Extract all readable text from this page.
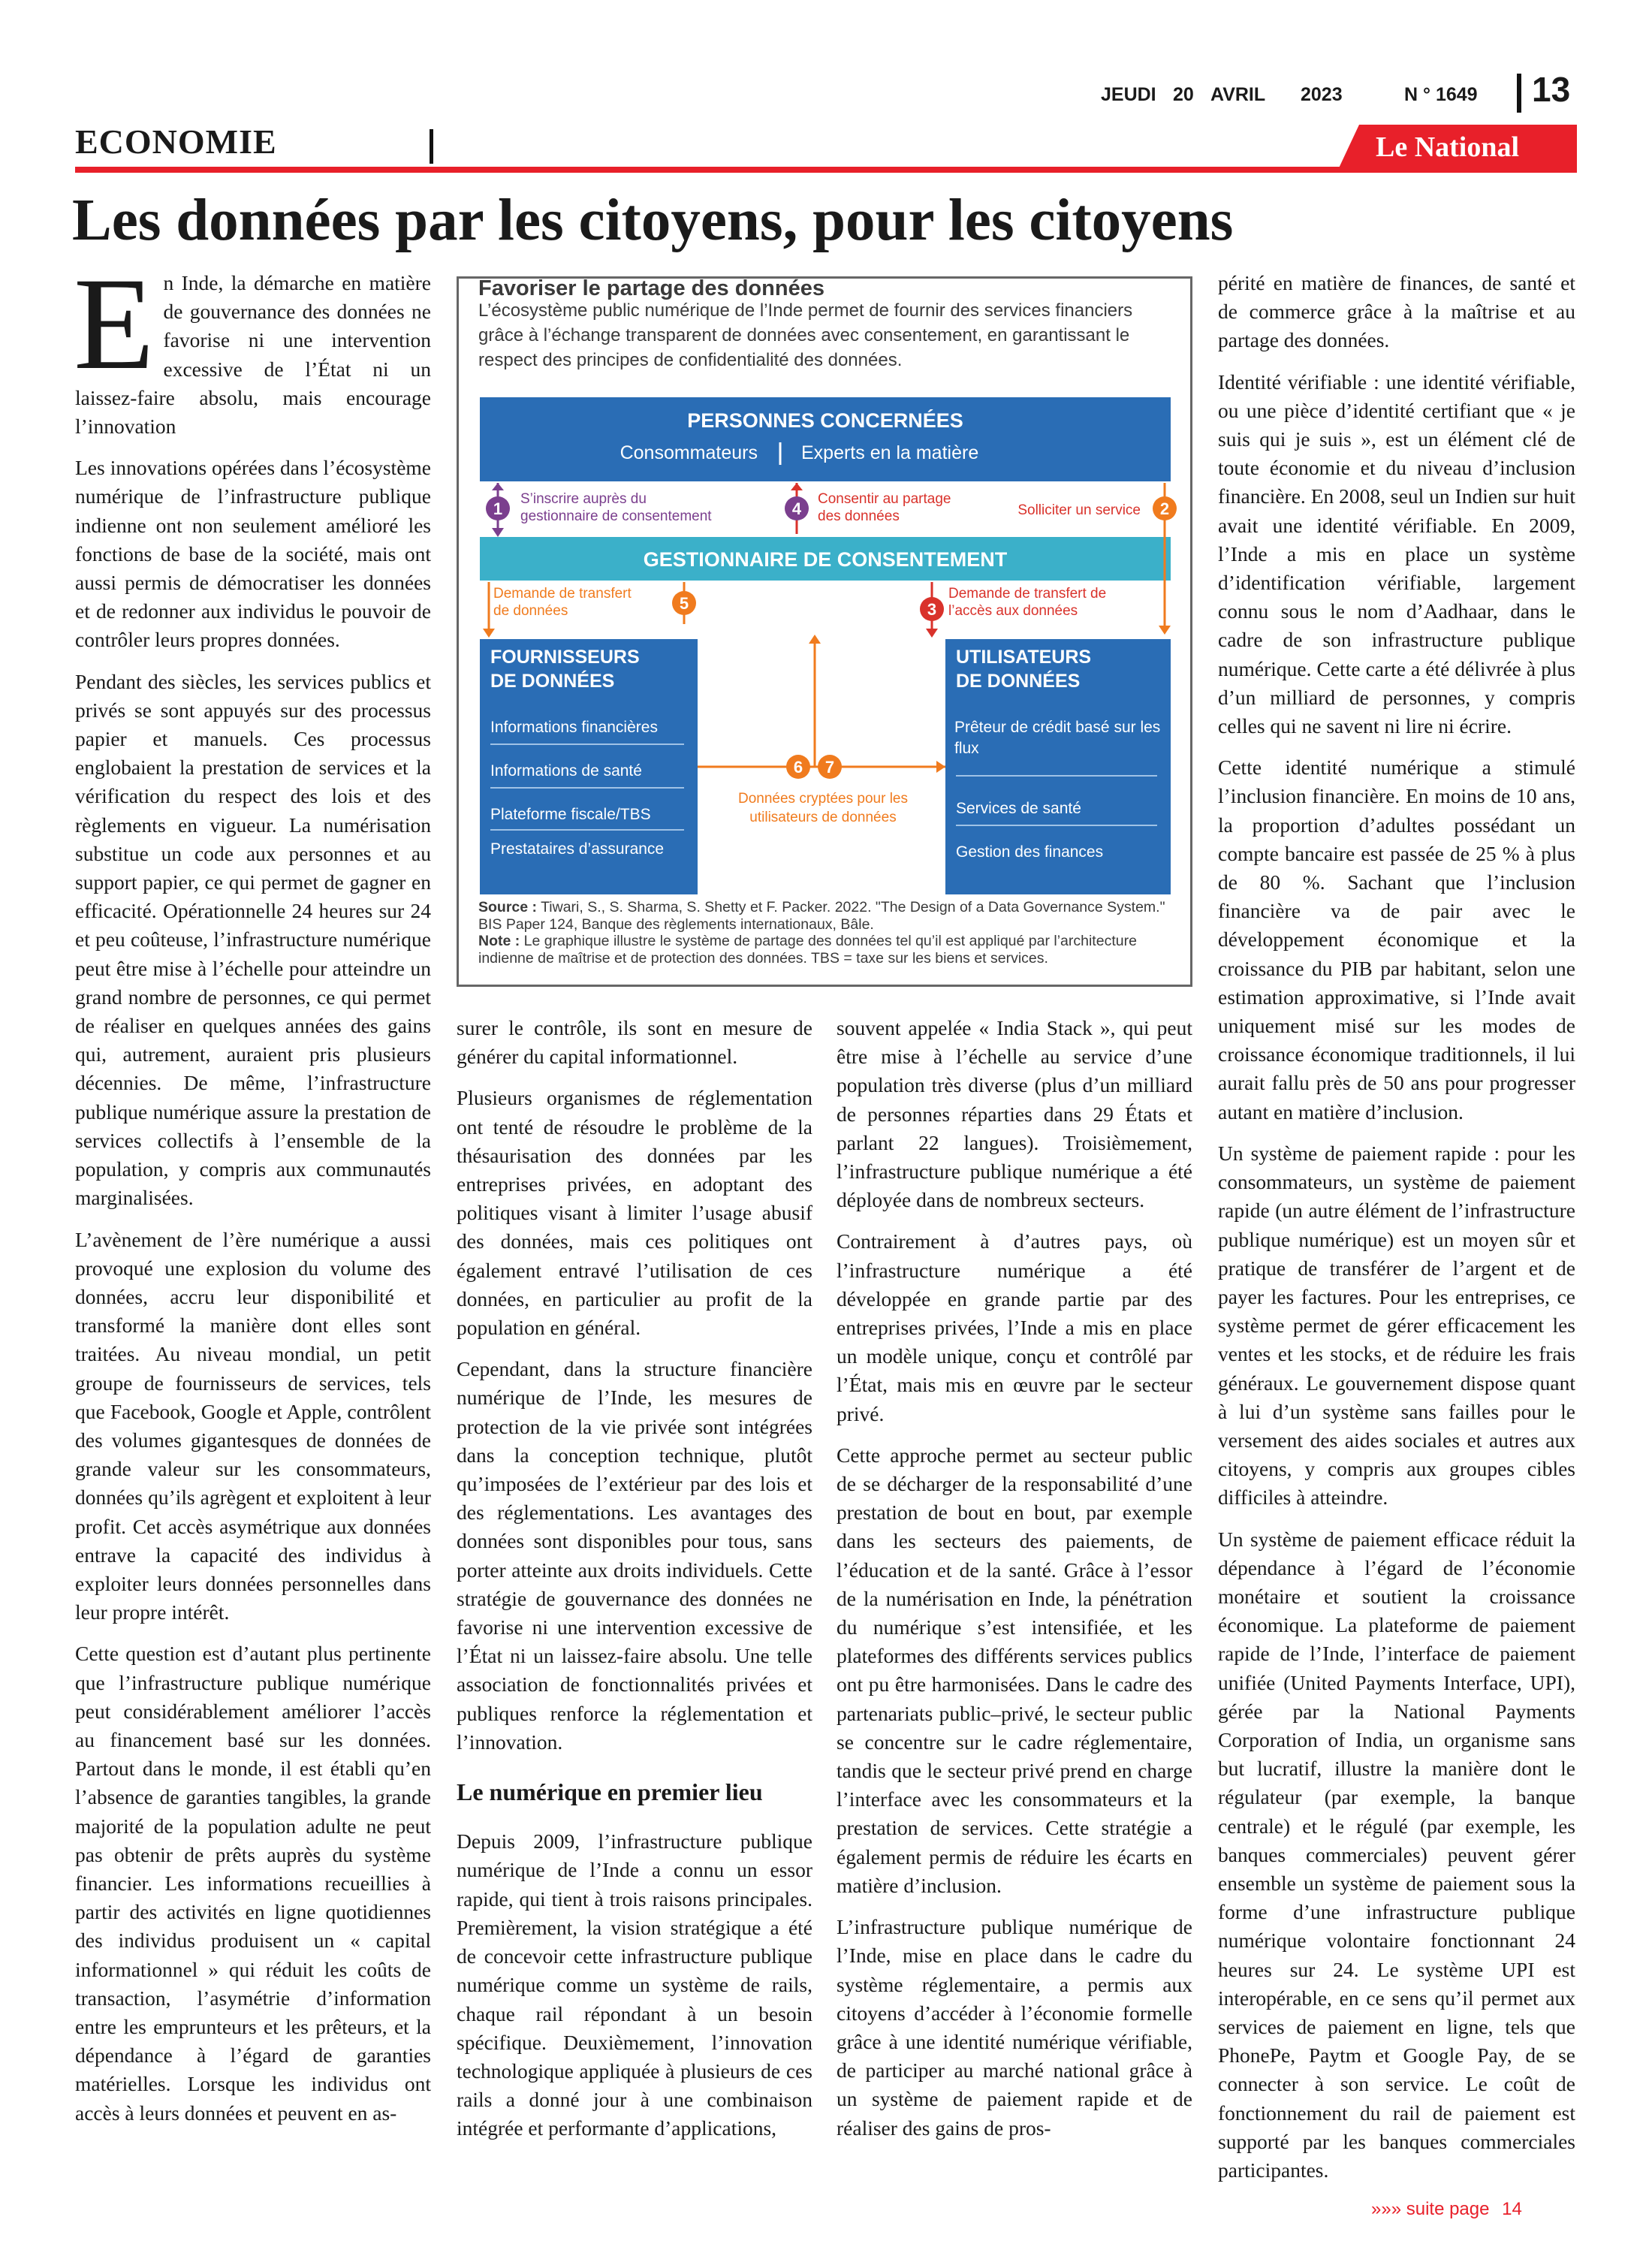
JEUDI 20 AVRIL 2023	N ° 1649 13
ECONOMIE	Le National
Les données par les citoyens, pour les citoyens

En Inde, la démarche en matière de gouvernance des données ne favorise ni une intervention excessive de l’État ni un laissez-faire absolu, mais encourage l’innovation

Les innovations opérées dans l’écosystème numérique de l’infrastructure publique indienne ont non seulement amélioré les fonctions de base de la société, mais ont aussi permis de démocratiser les données et de redonner aux individus le pouvoir de contrôler leurs propres données.

Pendant des siècles, les services publics et privés se sont appuyés sur des processus papier et manuels. Ces processus englobaient la prestation de services et la vérification du respect des lois et des règlements en vigueur. La numérisation substitue un code aux personnes et au support papier, ce qui permet de gagner en efficacité. Opérationnelle 24 heures sur 24 et peu coûteuse, l’infrastructure numérique peut être mise à l’échelle pour atteindre un grand nombre de personnes, ce qui permet de réaliser en quelques années des gains qui, autrement, auraient pris plusieurs décennies. De même, l’infrastructure publique numérique assure la prestation de services collectifs à l’ensemble de la population, y compris aux communautés marginalisées.

L’avènement de l’ère numérique a aussi provoqué une explosion du volume des données, accru leur disponibilité et transformé la manière dont elles sont traitées. Au niveau mondial, un petit groupe de fournisseurs de services, tels que Facebook, Google et Apple, contrôlent des volumes gigantesques de données de grande valeur sur les consommateurs, données qu’ils agrègent et exploitent à leur profit. Cet accès asymétrique aux données entrave la capacité des individus à exploiter leurs données personnelles dans leur propre intérêt.

Cette question est d’autant plus pertinente que l’infrastructure publique numérique peut considérablement améliorer l’accès au financement basé sur les données. Partout dans le monde, il est établi qu’en l’absence de garanties tangibles, la grande majorité de la population adulte ne peut pas obtenir de prêts auprès du système financier. Les informations recueillies à partir des activités en ligne quotidiennes des individus produisent un « capital informationnel » qui réduit les coûts de transaction, l’asymétrie d’information entre les emprunteurs et les prêteurs, et la dépendance à l’égard de garanties matérielles. Lorsque les individus ont accès à leurs données et peuvent en as-

Favoriser le partage des données
L’écosystème public numérique de l’Inde permet de fournir des services financiers grâce à l’échange transparent de données avec consentement, en garantissant le respect des principes de confidentialité des données.
PERSONNES CONCERNÉES
Consommateurs Experts en la matière
GESTIONNAIRE DE CONSENTEMENT
1
S’inscrire auprès du gestionnaire de consentement	4
Consentir au partage des données	2
Solliciter un service
Demande de transfert de données	5	3
Demande de transfert de l’accès aux données
FOURNISSEURS
DE DONNÉES
Informations financières
Informations de santé
Plateforme fiscale/TBS
Prestataires d’assurance
UTILISATEURS
DE DONNÉES
Prêteur de crédit basé sur les flux
Services de santé
Gestion des finances
6 7
Données cryptées pour les utilisateurs de données
Source : Tiwari, S., S. Sharma, S. Shetty et F. Packer. 2022. "The Design of a Data Governance System." BIS Paper 124, Banque des règlements internationaux, Bâle.
Note : Le graphique illustre le système de partage des données tel qu’il est appliqué par l’architecture indienne de maîtrise et de protection des données. TBS = taxe sur les biens et services.

surer le contrôle, ils sont en mesure de générer du capital informationnel.

Plusieurs organismes de réglementation ont tenté de résoudre le problème de la thésaurisation des données par les entreprises privées, en adoptant des politiques visant à limiter l’usage abusif des données, mais ces politiques ont également entravé l’utilisation de ces données, en particulier au profit de la population en général.

Cependant, dans la structure financière numérique de l’Inde, les mesures de protection de la vie privée sont intégrées dans la conception technique, plutôt qu’imposées de l’extérieur par des lois et des réglementations. Les avantages des données sont disponibles pour tous, sans porter atteinte aux droits individuels. Cette stratégie de gouvernance des données ne favorise ni une intervention excessive de l’État ni un laissez-faire absolu. Une telle association de fonctionnalités privées et publiques renforce la réglementation et l’innovation.

Le numérique en premier lieu

Depuis 2009, l’infrastructure publique numérique de l’Inde a connu un essor rapide, qui tient à trois raisons principales. Premièrement, la vision stratégique a été de concevoir cette infrastructure publique numérique comme un système de rails, chaque rail répondant à un besoin spécifique. Deuxièmement, l’innovation technologique appliquée à plusieurs de ces rails a donné jour à une combinaison intégrée et performante d’applications,

souvent appelée « India Stack », qui peut être mise à l’échelle au service d’une population très diverse (plus d’un milliard de personnes réparties dans 29 États et parlant 22 langues). Troisièmement, l’infrastructure publique numérique a été déployée dans de nombreux secteurs.

Contrairement à d’autres pays, où l’infrastructure numérique a été développée en grande partie par des entreprises privées, l’Inde a mis en place un modèle unique, conçu et contrôlé par l’État, mais mis en œuvre par le secteur privé.

Cette approche permet au secteur public de se décharger de la responsabilité d’une prestation de bout en bout, par exemple dans les secteurs des paiements, de l’éducation et de la santé. Grâce à l’essor de la numérisation en Inde, la pénétration du numérique s’est intensifiée, et les plateformes des différents services publics ont pu être harmonisées. Dans le cadre des partenariats public–privé, le secteur public se concentre sur le cadre réglementaire, tandis que le secteur privé prend en charge l’interface avec les consommateurs et la prestation de services. Cette stratégie a également permis de réduire les écarts en matière d’inclusion.

L’infrastructure publique numérique de l’Inde, mise en place dans le cadre du système réglementaire, a permis aux citoyens d’accéder à l’économie formelle grâce à une identité numérique vérifiable, de participer au marché national grâce à un système de paiement rapide et de réaliser des gains de pros-

périté en matière de finances, de santé et de commerce grâce à la maîtrise et au partage des données.

Identité vérifiable : une identité vérifiable, ou une pièce d’identité certifiant que « je suis qui je suis », est un élément clé de toute économie et du niveau d’inclusion financière. En 2008, seul un Indien sur huit avait une identité vérifiable. En 2009, l’Inde a mis en place un système d’identification vérifiable, largement connu sous le nom d’Aadhaar, dans le cadre de son infrastructure publique numérique. Cette carte a été délivrée à plus d’un milliard de personnes, y compris celles qui ne savent ni lire ni écrire.

Cette identité numérique a stimulé l’inclusion financière. En moins de 10 ans, la proportion d’adultes possédant un compte bancaire est passée de 25 % à plus de 80 %. Sachant que l’inclusion financière va de pair avec le développement économique et la croissance du PIB par habitant, selon une estimation approximative, si l’Inde avait uniquement misé sur les modes de croissance économique traditionnels, il lui aurait fallu près de 50 ans pour progresser autant en matière d’inclusion.

Un système de paiement rapide : pour les consommateurs, un système de paiement rapide (un autre élément de l’infrastructure publique numérique) est un moyen sûr et pratique de transférer de l’argent et de payer les factures. Pour les entreprises, ce système permet de gérer efficacement les ventes et les stocks, et de réduire les frais généraux. Le gouvernement dispose quant à lui d’un système sans failles pour le versement des aides sociales et autres aux citoyens, y compris aux groupes cibles difficiles à atteindre.

Un système de paiement efficace réduit la dépendance à l’égard de l’économie monétaire et soutient la croissance économique. La plateforme de paiement rapide de l’Inde, l’interface de paiement unifiée (United Payments Interface, UPI), gérée par la National Payments Corporation of India, un organisme sans but lucratif, illustre la manière dont le régulateur (par exemple, la banque centrale) et le régulé (par exemple, les banques commerciales) peuvent gérer ensemble un système de paiement sous la forme d’une infrastructure publique numérique volontaire fonctionnant 24 heures sur 24. Le système UPI est interopérable, en ce sens qu’il permet aux services de paiement en ligne, tels que PhonePe, Paytm et Google Pay, de se connecter à son service. Le coût de fonctionnement du rail de paiement est supporté par les banques commerciales participantes.

»»» suite page 14
